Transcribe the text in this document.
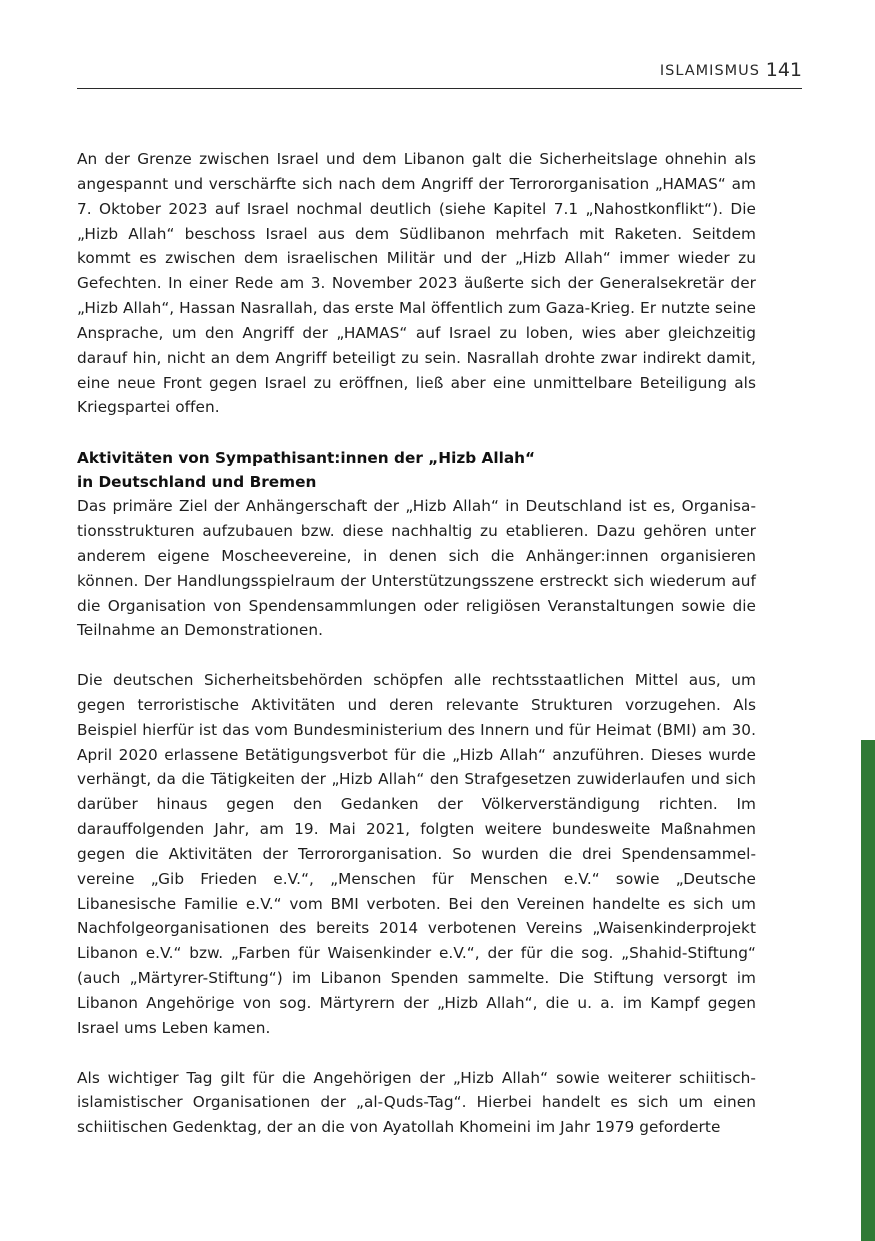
ISLAMISMUS 141

An der Grenze zwischen Israel und dem Libanon galt die Sicherheitslage ohnehin als angespannt und verschärfte sich nach dem Angriff der Terrororganisation „HAMAS“ am 7. Oktober 2023 auf Israel nochmal deutlich (siehe Kapitel 7.1 „Nahostkonflikt“). Die „Hizb Allah“ beschoss Israel aus dem Südlibanon mehrfach mit Raketen. Seitdem kommt es zwischen dem israelischen Militär und der „Hizb Allah“ immer wieder zu Gefechten. In einer Rede am 3. November 2023 äußerte sich der Generalsekretär der „Hizb Allah“, Hassan Nasrallah, das erste Mal öffentlich zum Gaza-Krieg. Er nutzte seine Ansprache, um den Angriff der „HAMAS“ auf Israel zu loben, wies aber gleichzeitig darauf hin, nicht an dem Angriff beteiligt zu sein. Nasrallah drohte zwar indirekt damit, eine neue Front gegen Israel zu eröffnen, ließ aber eine unmittelbare Beteiligung als Kriegspartei offen.

Aktivitäten von Sympathisant:innen der „Hizb Allah“
in Deutschland und Bremen

Das primäre Ziel der Anhängerschaft der „Hizb Allah“ in Deutschland ist es, Organisationsstrukturen aufzubauen bzw. diese nachhaltig zu etablieren. Dazu gehören unter anderem eigene Moscheevereine, in denen sich die Anhänger:innen organisieren können. Der Handlungsspielraum der Unterstützungsszene erstreckt sich wiederum auf die Organisation von Spendensammlungen oder religiösen Veranstaltungen sowie die Teilnahme an Demonstrationen.

Die deutschen Sicherheitsbehörden schöpfen alle rechtsstaatlichen Mittel aus, um gegen terroristische Aktivitäten und deren relevante Strukturen vorzugehen. Als Beispiel hierfür ist das vom Bundesministerium des Innern und für Heimat (BMI) am 30. April 2020 erlassene Betätigungsverbot für die „Hizb Allah“ anzuführen. Dieses wurde verhängt, da die Tätigkeiten der „Hizb Allah“ den Strafgesetzen zuwiderlaufen und sich darüber hinaus gegen den Gedanken der Völkerverständigung richten. Im darauffolgenden Jahr, am 19. Mai 2021, folgten weitere bundesweite Maßnahmen gegen die Aktivitäten der Terrororganisation. So wurden die drei Spendensammelvereine „Gib Frieden e.V.“, „Menschen für Menschen e.V.“ sowie „Deutsche Libanesische Familie e.V.“ vom BMI verboten. Bei den Vereinen handelte es sich um Nachfolgeorganisationen des bereits 2014 verbotenen Vereins „Waisenkinderprojekt Libanon e.V.“ bzw. „Farben für Waisenkinder e.V.“, der für die sog. „Shahid-Stiftung“ (auch „Märtyrer-Stiftung“) im Libanon Spenden sammelte. Die Stiftung versorgt im Libanon Angehörige von sog. Märtyrern der „Hizb Allah“, die u. a. im Kampf gegen Israel ums Leben kamen.

Als wichtiger Tag gilt für die Angehörigen der „Hizb Allah“ sowie weiterer schiitisch-islamistischer Organisationen der „al-Quds-Tag“. Hierbei handelt es sich um einen schiitischen Gedenktag, der an die von Ayatollah Khomeini im Jahr 1979 geforderte
